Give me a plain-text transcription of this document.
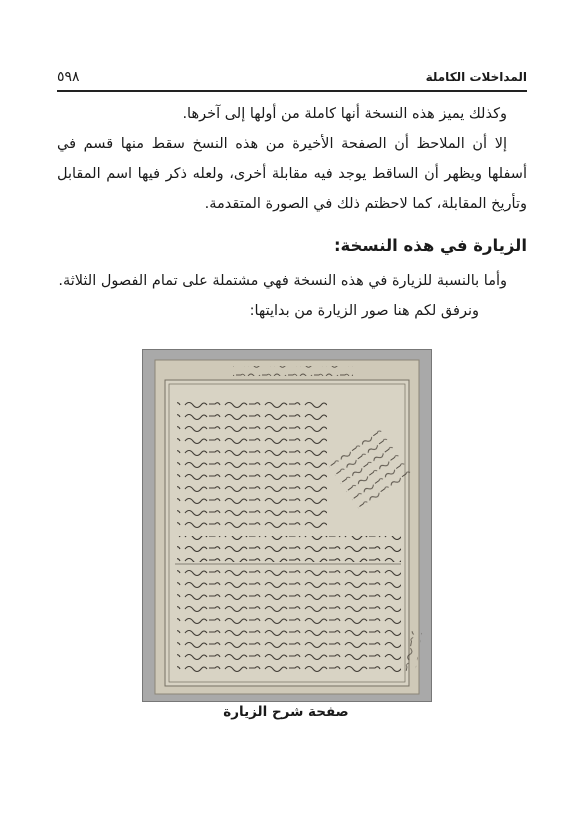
المداخلات الكاملة
٥٩٨

وكذلك يميز هذه النسخة أنها كاملة من أولها إلى آخرها.

إلا أن الملاحظ أن الصفحة الأخيرة من هذه النسخ سقط منها قسم في أسفلها ويظهر أن الساقط يوجد فيه مقابلة أخرى، ولعله ذكر فيها اسم المقابل وتأريخ المقابلة، كما لاحظتم ذلك في الصورة المتقدمة.

الزيارة في هذه النسخة:

وأما بالنسبة للزيارة في هذه النسخة فهي مشتملة على تمام الفصول الثلاثة.

ونرفق لكم هنا صور الزيارة من بدايتها:

صفحة شرح الزيارة
